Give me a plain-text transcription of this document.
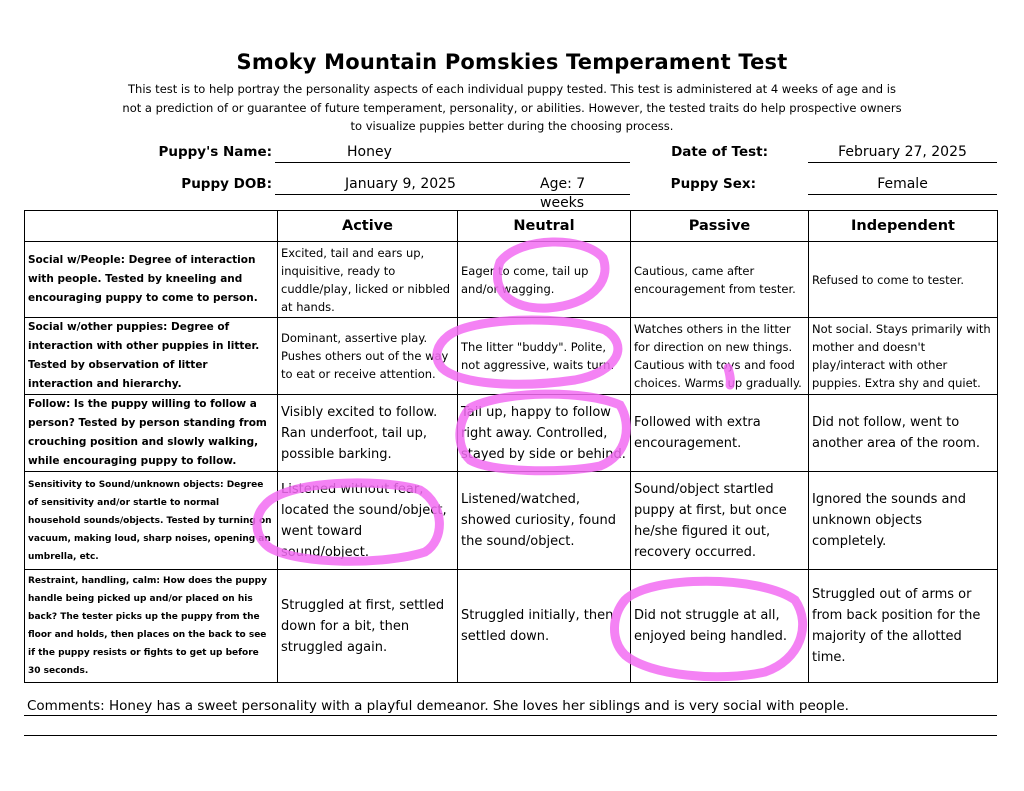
Smoky Mountain Pomskies Temperament Test
This test is to help portray the personality aspects of each individual puppy tested. This test is administered at 4 weeks of age and is not a prediction of or guarantee of future temperament, personality, or abilities. However, the tested traits do help prospective owners to visualize puppies better during the choosing process.
Puppy's Name:	Honey	Date of Test:	February 27, 2025
Puppy DOB:	January 9, 2025	Age: 7 weeks
Puppy Sex:	Female
	Active	Neutral	Passive	Independent
Social w/People: Degree of interaction with people. Tested by kneeling and encouraging puppy to come to person.	Excited, tail and ears up, inquisitive, ready to cuddle/play, licked or nibbled at hands.	Eager to come, tail up and/or wagging.	Cautious, came after encouragement from tester.	Refused to come to tester.
Social w/other puppies: Degree of interaction with other puppies in litter. Tested by observation of litter interaction and hierarchy.	Dominant, assertive play. Pushes others out of the way to eat or receive attention.	The litter "buddy". Polite, not aggressive, waits turn.	Watches others in the litter for direction on new things. Cautious with toys and food choices. Warms up gradually.	Not social. Stays primarily with mother and doesn't play/interact with other puppies. Extra shy and quiet.
Follow: Is the puppy willing to follow a person? Tested by person standing from crouching position and slowly walking, while encouraging puppy to follow.	Visibly excited to follow. Ran underfoot, tail up, possible barking.	Tail up, happy to follow right away. Controlled, stayed by side or behind.	Followed with extra encouragement.	Did not follow, went to another area of the room.
Sensitivity to Sound/unknown objects: Degree of sensitivity and/or startle to normal household sounds/objects. Tested by turning on vacuum, making loud, sharp noises, opening an umbrella, etc.	Listened without fear, located the sound/object, went toward sound/object.	Listened/watched, showed curiosity, found the sound/object.	Sound/object startled puppy at first, but once he/she figured it out, recovery occurred.	Ignored the sounds and unknown objects completely.
Restraint, handling, calm: How does the puppy handle being picked up and/or placed on his back? The tester picks up the puppy from the floor and holds, then places on the back to see if the puppy resists or fights to get up before 30 seconds.	Struggled at first, settled down for a bit, then struggled again.	Struggled initially, then settled down.	Did not struggle at all, enjoyed being handled.	Struggled out of arms or from back position for the majority of the allotted time.
Comments: Honey has a sweet personality with a playful demeanor. She loves her siblings and is very social with people.
